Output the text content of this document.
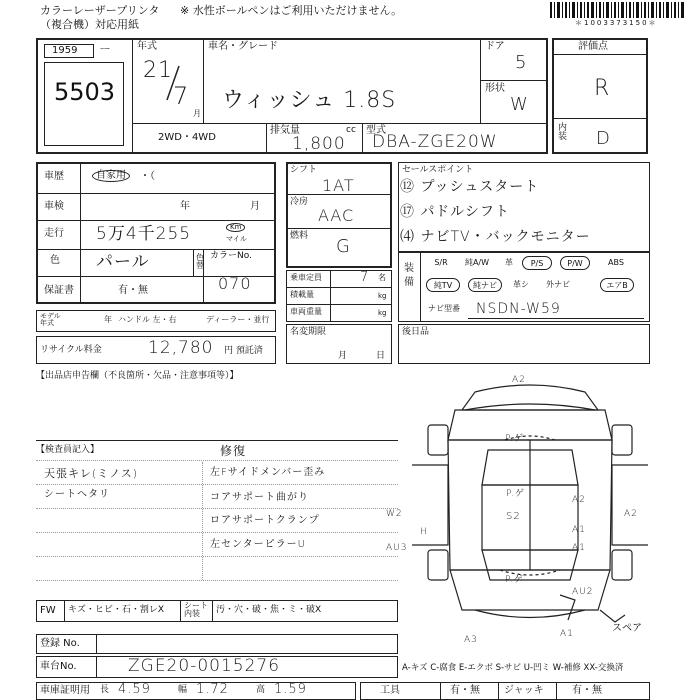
カラーレーザープリンタ
（複合機）対応用紙
※ 水性ボールペンはご利用いただけません。
＊1003373150＊
1959 ㅡ
5503
年式
21
7
月
車名・グレード
ウィッシュ 1.8S
ドア
5
形状
W
2WD・4WD
排気量	cc
1,800
型式
DBA-ZGE20W
評価点
R
内装 D
車歴	自家用	・（
車検	年	月
走行 5万4千255	Km
マイル
色 パール	色替
カラーNo.
070
保証書	有・無
シフト
1AT
冷房
AAC
燃料 G
乗車定員	7 名
積載量	kg
車両重量	kg
セールスポイント
⑫ プッシュスタート
⑰ パドルシフト
⑷ ナビTV・バックモニター
装備
S/R	純A/W	革	P/S	P/W	ABS
純TV	純ナビ	革シ	外ナビ	エアB
ナビ型番 NSDN-W59
モデル年式	年 ハンドル 左・右	ディーラー・並行
リサイクル料金	12,780 円 預託済
名変期限
月	日
後日品
【出品店申告欄（不良箇所・欠品・注意事項等）】
【検査員記入】
天張キレ(ミノス)
シートヘタリ
修復
左Fサイドメンバー歪み
コアサポート曲がり
ロアサポートクランプ
左センターピラーU
A2
P.ゲ
A2
A1
P.ゲ
S2
W2
A1
AU3
A2
P.ゲ
AU2
A3
A1
H
スペア
FW キズ・ヒビ・石・割レX	シート内装	汚・穴・破・焦・ミ・破X
登録 No.
車台No.	ZGE20-0015276	A-キズ C-腐食 E-エクボ S-サビ U-凹ミ W-補修 XX-交換済
車庫証明用 長 4.59	幅 1.72	高 1.59	工具	有・無 ジャッキ	有・無
